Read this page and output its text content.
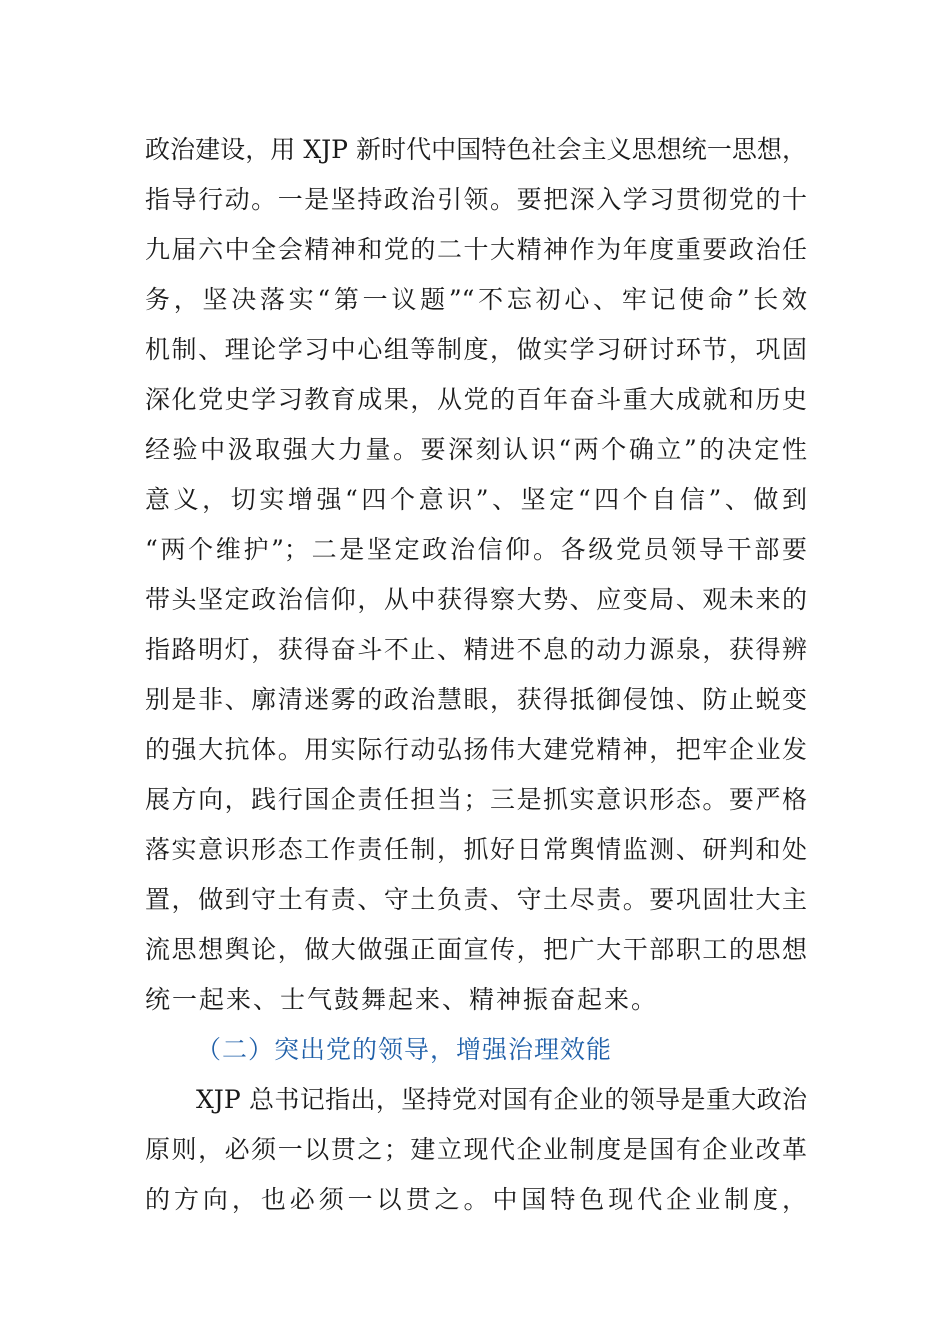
政治建设，用 XJP 新时代中国特色社会主义思想统一思想，
指导行动。一是坚持政治引领。要把深入学习贯彻党的十
九届六中全会精神和党的二十大精神作为年度重要政治任
务，坚决落实“第一议题”“不忘初心、牢记使命”长效
机制、理论学习中心组等制度，做实学习研讨环节，巩固
深化党史学习教育成果，从党的百年奋斗重大成就和历史
经验中汲取强大力量。要深刻认识“两个确立”的决定性
意义，切实增强“四个意识”、坚定“四个自信”、做到
“两个维护”；二是坚定政治信仰。各级党员领导干部要
带头坚定政治信仰，从中获得察大势、应变局、观未来的
指路明灯，获得奋斗不止、精进不息的动力源泉，获得辨
别是非、廓清迷雾的政治慧眼，获得抵御侵蚀、防止蜕变
的强大抗体。用实际行动弘扬伟大建党精神，把牢企业发
展方向，践行国企责任担当；三是抓实意识形态。要严格
落实意识形态工作责任制，抓好日常舆情监测、研判和处
置，做到守土有责、守土负责、守土尽责。要巩固壮大主
流思想舆论，做大做强正面宣传，把广大干部职工的思想
统一起来、士气鼓舞起来、精神振奋起来。
（二）突出党的领导，增强治理效能
XJP 总书记指出，坚持党对国有企业的领导是重大政治
原则，必须一以贯之；建立现代企业制度是国有企业改革
的方向，也必须一以贯之。中国特色现代企业制度，
